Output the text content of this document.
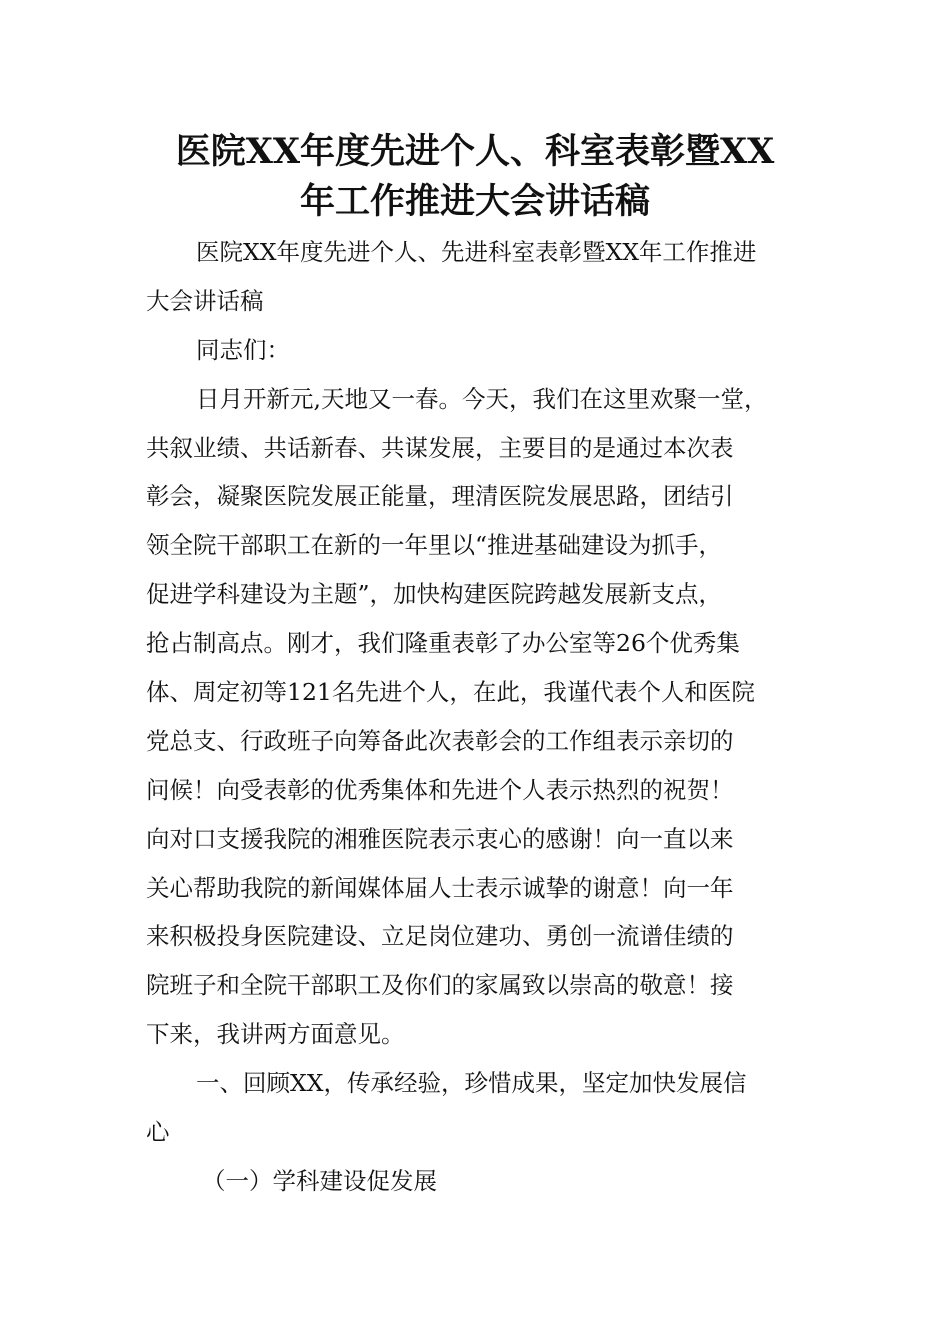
医院XX年度先进个人、科室表彰暨XX
年工作推进大会讲话稿
医院XX年度先进个人、先进科室表彰暨XX年工作推进
大会讲话稿
同志们：
日月开新元,天地又一春。今天，我们在这里欢聚一堂，
共叙业绩、共话新春、共谋发展，主要目的是通过本次表
彰会，凝聚医院发展正能量，理清医院发展思路，团结引
领全院干部职工在新的一年里以“推进基础建设为抓手，
促进学科建设为主题”，加快构建医院跨越发展新支点，
抢占制高点。刚才，我们隆重表彰了办公室等26个优秀集
体、周定初等121名先进个人，在此，我谨代表个人和医院
党总支、行政班子向筹备此次表彰会的工作组表示亲切的
问候！向受表彰的优秀集体和先进个人表示热烈的祝贺！
向对口支援我院的湘雅医院表示衷心的感谢！向一直以来
关心帮助我院的新闻媒体届人士表示诚挚的谢意！向一年
来积极投身医院建设、立足岗位建功、勇创一流谱佳绩的
院班子和全院干部职工及你们的家属致以崇高的敬意！接
下来，我讲两方面意见。
一、回顾XX，传承经验，珍惜成果，坚定加快发展信
心
（一）学科建设促发展
